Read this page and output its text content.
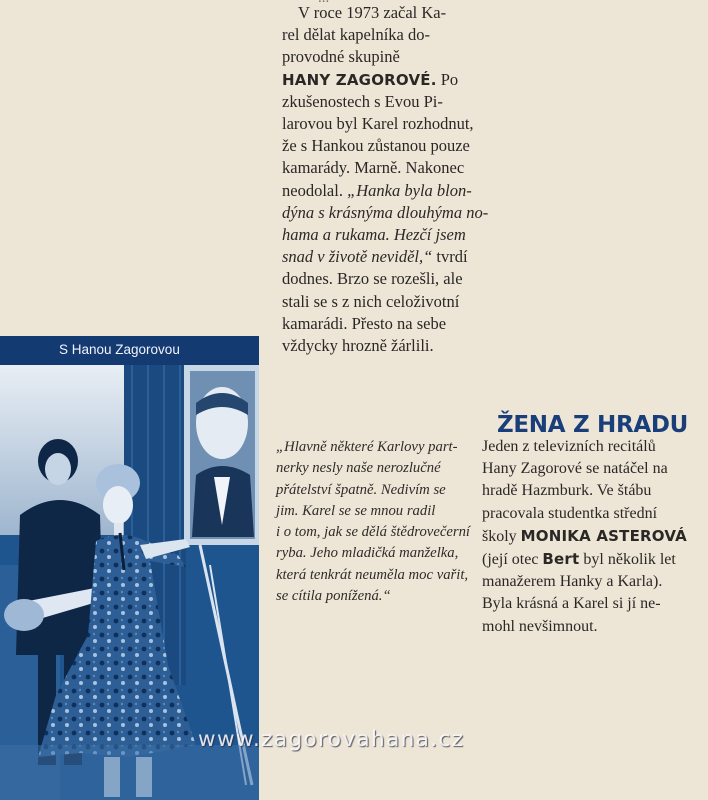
V roce 1973 začal Ka-
rel dělat kapelníka do-
provodné skupině
HANY ZAGOROVÉ. Po
zkušenostech s Evou Pi-
larovou byl Karel rozhodnut,
že s Hankou zůstanou pouze
kamarády. Marně. Nakonec
neodolal. „Hanka byla blon-
dýna s krásnýma dlouhýma no-
hama a rukama. Hezčí jsem
snad v životě neviděl,“ tvrdí
dodnes. Brzo se rozešli, ale
stali se s z nich celoživotní
kamarádi. Přesto na sebe
vždycky hrozně žárlili.
S Hanou Zagorovou
„Hlavně některé Karlovy part-
nerky nesly naše nerozlučné
přátelství špatně. Nedivím se
jim. Karel se se mnou radil
i o tom, jak se dělá štědrovečerní
ryba. Jeho mladičká manželka,
která tenkrát neuměla moc vařit,
se cítila ponížená.“
ŽENA Z HRADU
Jeden z televizních recitálů
Hany Zagorové se natáčel na
hradě Hazmburk. Ve štábu
pracovala studentka střední
školy MONIKA ASTEROVÁ
(její otec Bert byl několik let
manažerem Hanky a Karla).
Byla krásná a Karel si jí ne-
mohl nevšimnout.
www.zagorovahana.cz
